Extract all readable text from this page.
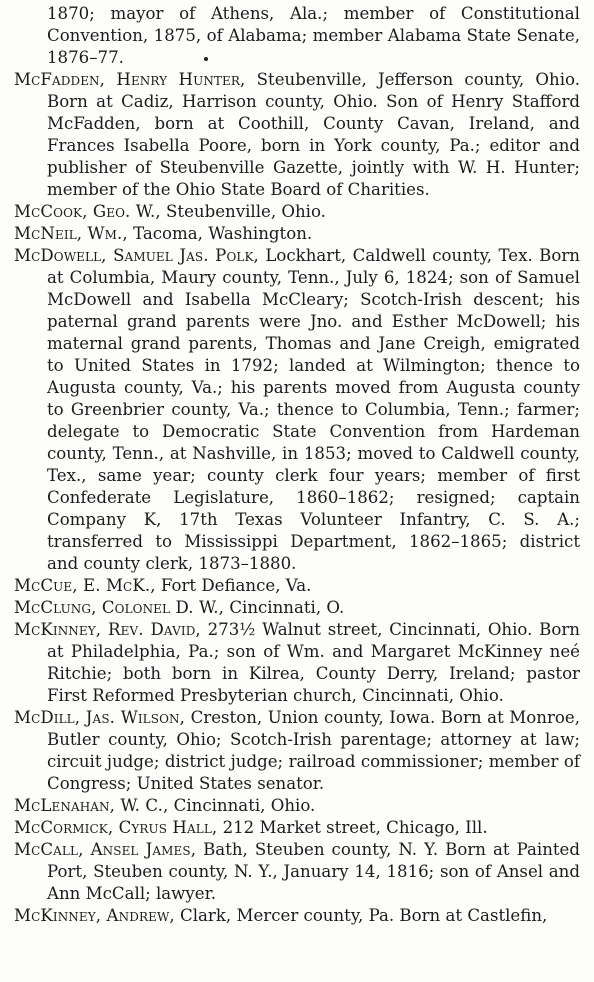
1870; mayor of Athens, Ala.; member of Constitutional Convention, 1875, of Alabama; member Alabama State Senate, 1876–77.

McFadden, Henry Hunter, Steubenville, Jefferson county, Ohio. Born at Cadiz, Harrison county, Ohio. Son of Henry Stafford McFadden, born at Coothill, County Cavan, Ireland, and Frances Isabella Poore, born in York county, Pa.; editor and publisher of Steubenville Gazette, jointly with W. H. Hunter; member of the Ohio State Board of Charities.

McCook, Geo. W., Steubenville, Ohio.

McNeil, Wm., Tacoma, Washington.

McDowell, Samuel Jas. Polk, Lockhart, Caldwell county, Tex. Born at Columbia, Maury county, Tenn., July 6, 1824; son of Samuel McDowell and Isabella McCleary; Scotch-Irish descent; his paternal grand parents were Jno. and Esther McDowell; his maternal grand parents, Thomas and Jane Creigh, emigrated to United States in 1792; landed at Wilmington; thence to Augusta county, Va.; his parents moved from Augusta county to Greenbrier county, Va.; thence to Columbia, Tenn.; farmer; delegate to Democratic State Convention from Hardeman county, Tenn., at Nashville, in 1853; moved to Caldwell county, Tex., same year; county clerk four years; member of first Confederate Legislature, 1860–1862; resigned; captain Company K, 17th Texas Volunteer Infantry, C. S. A.; transferred to Mississippi Department, 1862–1865; district and county clerk, 1873–1880.

McCue, E. McK., Fort Defiance, Va.

McClung, Colonel D. W., Cincinnati, O.

McKinney, Rev. David, 273½ Walnut street, Cincinnati, Ohio. Born at Philadelphia, Pa.; son of Wm. and Margaret McKinney neé Ritchie; both born in Kilrea, County Derry, Ireland; pastor First Reformed Presbyterian church, Cincinnati, Ohio.

McDill, Jas. Wilson, Creston, Union county, Iowa. Born at Monroe, Butler county, Ohio; Scotch-Irish parentage; attorney at law; circuit judge; district judge; railroad commissioner; member of Congress; United States senator.

McLenahan, W. C., Cincinnati, Ohio.

McCormick, Cyrus Hall, 212 Market street, Chicago, Ill.

McCall, Ansel James, Bath, Steuben county, N. Y. Born at Painted Port, Steuben county, N. Y., January 14, 1816; son of Ansel and Ann McCall; lawyer.

McKinney, Andrew, Clark, Mercer county, Pa. Born at Castlefin,
